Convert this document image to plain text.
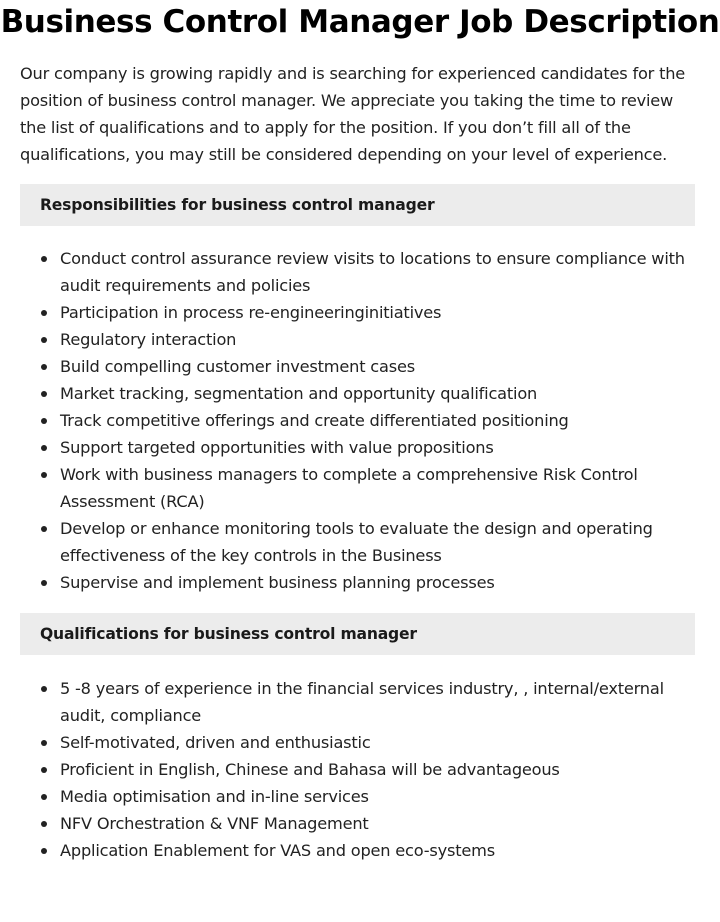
Business Control Manager Job Description

Our company is growing rapidly and is searching for experienced candidates for the position of business control manager. We appreciate you taking the time to review the list of qualifications and to apply for the position. If you don’t fill all of the qualifications, you may still be considered depending on your level of experience.

Responsibilities for business control manager
Conduct control assurance review visits to locations to ensure compliance with audit requirements and policies
Participation in process re-engineeringinitiatives
Regulatory interaction
Build compelling customer investment cases
Market tracking, segmentation and opportunity qualification
Track competitive offerings and create differentiated positioning
Support targeted opportunities with value propositions
Work with business managers to complete a comprehensive Risk Control Assessment (RCA)
Develop or enhance monitoring tools to evaluate the design and operating effectiveness of the key controls in the Business
Supervise and implement business planning processes
Qualifications for business control manager
5 -8 years of experience in the financial services industry, , internal/external audit, compliance
Self-motivated, driven and enthusiastic
Proficient in English, Chinese and Bahasa will be advantageous
Media optimisation and in-line services
NFV Orchestration & VNF Management
Application Enablement for VAS and open eco-systems
